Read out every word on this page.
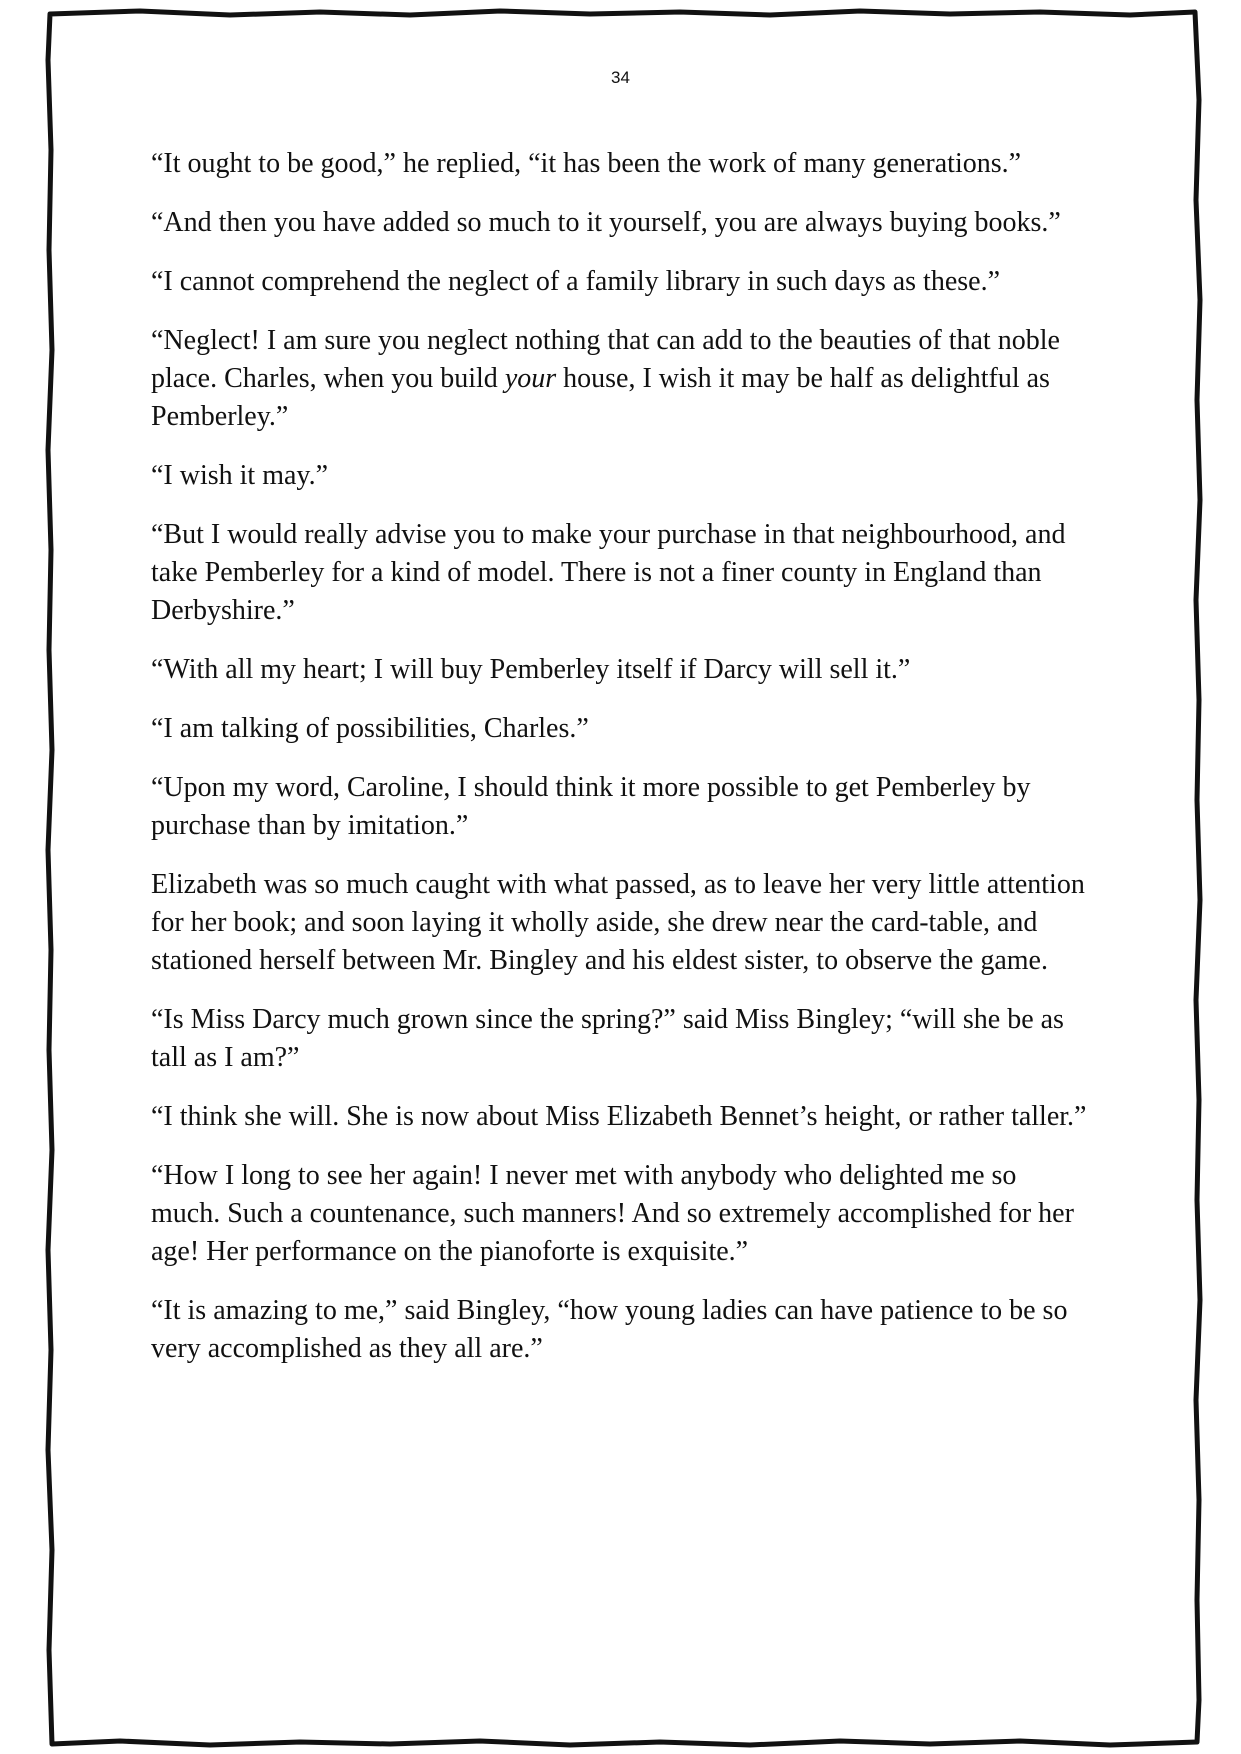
34

“It ought to be good,” he replied, “it has been the work of many generations.”

“And then you have added so much to it yourself, you are always buying books.”

“I cannot comprehend the neglect of a family library in such days as these.”

“Neglect! I am sure you neglect nothing that can add to the beauties of that noble place. Charles, when you build your house, I wish it may be half as delightful as Pemberley.”

“I wish it may.”

“But I would really advise you to make your purchase in that neighbourhood, and take Pemberley for a kind of model. There is not a finer county in England than Derbyshire.”

“With all my heart; I will buy Pemberley itself if Darcy will sell it.”

“I am talking of possibilities, Charles.”

“Upon my word, Caroline, I should think it more possible to get Pemberley by purchase than by imitation.”

Elizabeth was so much caught with what passed, as to leave her very little attention for her book; and soon laying it wholly aside, she drew near the card-table, and stationed herself between Mr. Bingley and his eldest sister, to observe the game.

“Is Miss Darcy much grown since the spring?” said Miss Bingley; “will she be as tall as I am?”

“I think she will. She is now about Miss Elizabeth Bennet’s height, or rather taller.”

“How I long to see her again! I never met with anybody who delighted me so much. Such a countenance, such manners! And so extremely accomplished for her age! Her performance on the pianoforte is exquisite.”

“It is amazing to me,” said Bingley, “how young ladies can have patience to be so very accomplished as they all are.”
